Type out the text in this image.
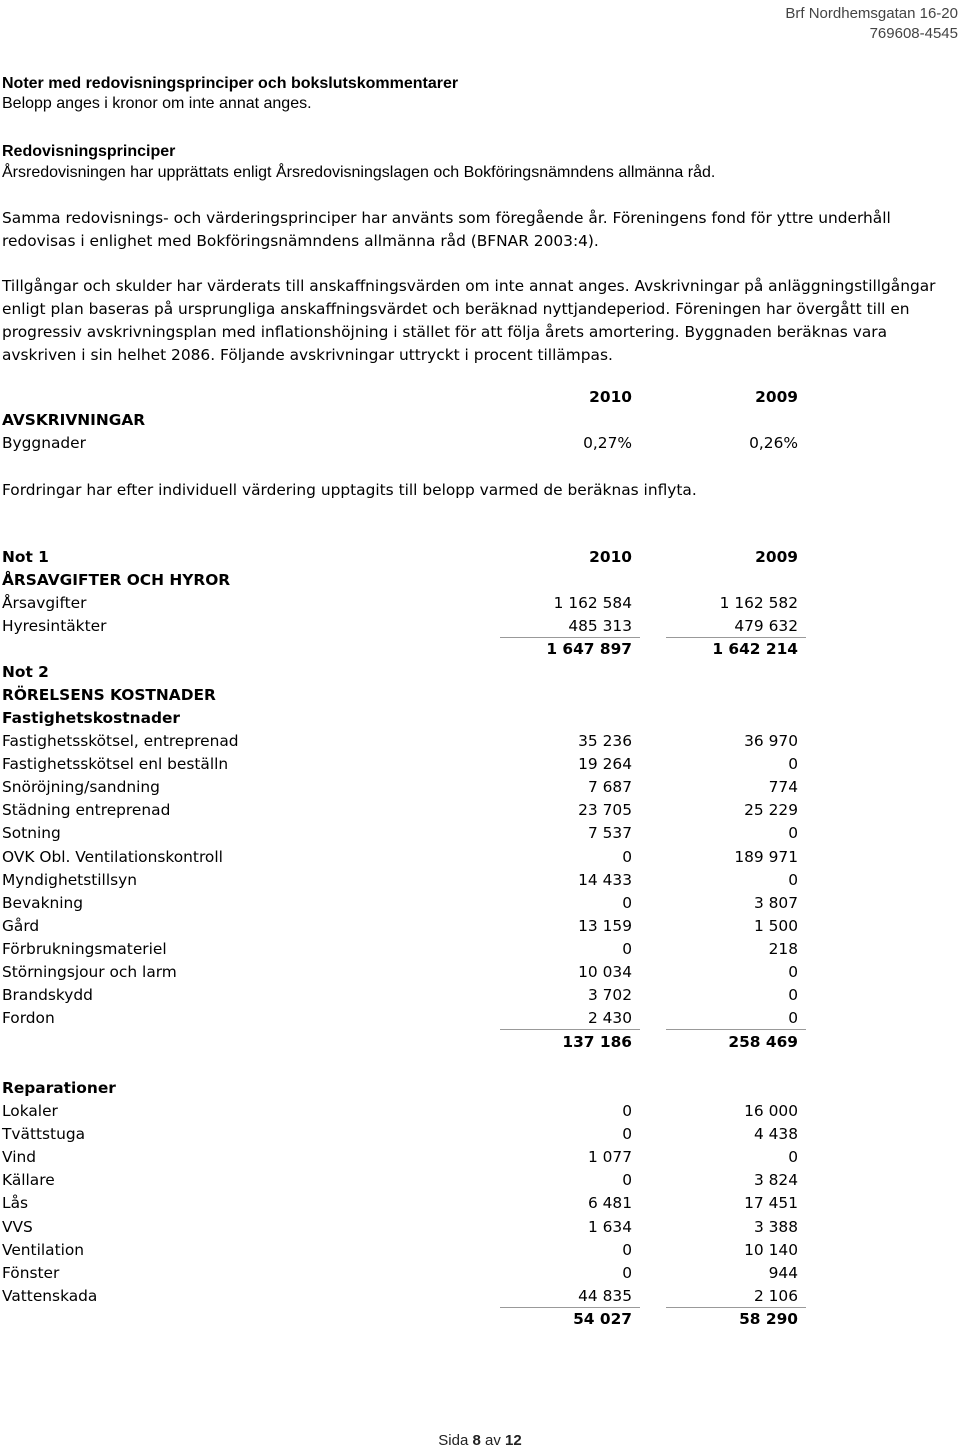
Brf Nordhemsgatan 16-20
769608-4545
Noter med redovisningsprinciper och bokslutskommentarer
Belopp anges i kronor om inte annat anges.
Redovisningsprinciper
Årsredovisningen har upprättats enligt Årsredovisningslagen och Bokföringsnämndens allmänna råd.
Samma redovisnings- och värderingsprinciper har använts som föregående år. Föreningens fond för yttre underhåll
redovisas i enlighet med Bokföringsnämndens allmänna råd (BFNAR 2003:4).
Tillgångar och skulder har värderats till anskaffningsvärden om inte annat anges. Avskrivningar på anläggningstillgångar
enligt plan baseras på ursprungliga anskaffningsvärdet och beräknad nyttjandeperiod. Föreningen har övergått till en
progressiv avskrivningsplan med inflationshöjning i stället för att följa årets amortering. Byggnaden beräknas vara
avskriven i sin helhet 2086. Följande avskrivningar uttryckt i procent tillämpas.
2010	2009
AVSKRIVNINGAR
Byggnader	0,27%	0,26%
Fordringar har efter individuell värdering upptagits till belopp varmed de beräknas inflyta.
Not 1	2010	2009
ÅRSAVGIFTER OCH HYROR
Årsavgifter	1 162 584	1 162 582
Hyresintäkter	485 313	479 632
1 647 897	1 642 214
Not 2
RÖRELSENS KOSTNADER
Fastighetskostnader
Fastighetsskötsel, entreprenad	35 236	36 970
Fastighetsskötsel enl beställn	19 264	0
Snöröjning/sandning	7 687	774
Städning entreprenad	23 705	25 229
Sotning	7 537	0
OVK Obl. Ventilationskontroll	0	189 971
Myndighetstillsyn	14 433	0
Bevakning	0	3 807
Gård	13 159	1 500
Förbrukningsmateriel	0	218
Störningsjour och larm	10 034	0
Brandskydd	3 702	0
Fordon	2 430	0
137 186	258 469
Reparationer
Lokaler	0	16 000
Tvättstuga	0	4 438
Vind	1 077	0
Källare	0	3 824
Lås	6 481	17 451
VVS	1 634	3 388
Ventilation	0	10 140
Fönster	0	944
Vattenskada	44 835	2 106
54 027	58 290
Sida 8 av 12
